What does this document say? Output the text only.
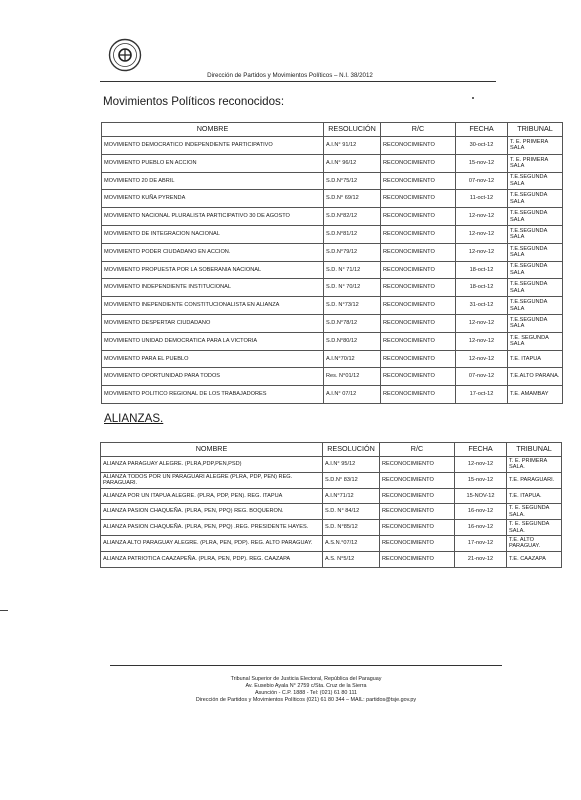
Dirección de Partidos y Movimientos Políticos – N.I. 38/2012
Movimientos Políticos reconocidos:
NOMBRE	RESOLUCIÓN	R/C	FECHA	TRIBUNAL
MOVIMIENTO DEMOCRATICO INDEPENDIENTE PARTICIPATIVO	A.I.N° 91/12	RECONOCIMIENTO	30-oct-12	T. E. PRIMERA SALA
MOVIMIENTO PUEBLO EN ACCION	A.I.N° 96/12	RECONOCIMIENTO	15-nov-12	T. E. PRIMERA SALA
MOVIMIENTO 20 DE ABRIL	S.D.N°75/12	RECONOCIMIENTO	07-nov-12	T.E.SEGUNDA SALA
MOVIMIENTO KUÑA PYRENDA	S.D.N° 69/12	RECONOCIMIENTO	11-oct-12	T.E.SEGUNDA SALA
MOVIMIENTO NACIONAL PLURALISTA PARTICIPATIVO 30 DE AGOSTO	S.D.N°82/12	RECONOCIMIENTO	12-nov-12	T.E.SEGUNDA SALA
MOVIMIENTO DE INTEGRACION NACIONAL	S.D.N°81/12	RECONOCIMIENTO	12-nov-12	T.E.SEGUNDA SALA
MOVIMIENTO PODER CIUDADANO EN ACCION.	S.D.N°79/12	RECONOCIMIENTO	12-nov-12	T.E.SEGUNDA SALA
MOVIMIENTO PROPUESTA POR LA SOBERANIA NACIONAL	S.D. N° 71/12	RECONOCIMIENTO	18-oct-12	T.E.SEGUNDA SALA
MOVIMIENTO INDEPENDIENTE INSTITUCIONAL	S.D. N° 70/12	RECONOCIMIENTO	18-oct-12	T.E.SEGUNDA SALA
MOVIMIENTO INEPENDIENTE CONSTITUCIONALISTA EN ALIANZA	S.D. N°73/12	RECONOCIMIENTO	31-oct-12	T.E.SEGUNDA SALA
MOVIMIENTO DESPERTAR CIUDADANO	S.D.N°78/12	RECONOCIMIENTO	12-nov-12	T.E.SEGUNDA SALA
MOVIMIENTO UNIDAD DEMOCRATICA PARA LA VICTORIA	S.D.N°80/12	RECONOCIMIENTO	12-nov-12	T.E. SEGUNDA SALA
MOVIMIENTO PARA EL PUEBLO	A.I.N°70/12	RECONOCIMIENTO	12-nov-12	T.E. ITAPUA
MOVIMIENTO OPORTUNIDAD PARA TODOS	Res. N°01/12	RECONOCIMIENTO	07-nov-12	T.E.ALTO PARANA.
MOVIMIENTO POLITICO REGIONAL DE LOS TRABAJADORES	A.I.N° 07/12	RECONOCIMIENTO	17-oct-12	T.E. AMAMBAY
ALIANZAS.
NOMBRE	RESOLUCIÓN	R/C	FECHA	TRIBUNAL
ALIANZA PARAGUAY ALEGRE. (PLRA,PDP,PEN,PSD)	A.I.N° 95/12	RECONOCIMIENTO	12-nov-12	T. E. PRIMERA SALA.
ALIANZA TODOS POR UN PARAGUARI ALEGRE (PLRA, PDP, PEN) REG. PARAGUARI.	S.D.N° 83/12	RECONOCIMIENTO	15-nov-12	T.E. PARAGUARI.
ALIANZA POR UN ITAPUA ALEGRE. (PLRA, PDP, PEN). REG. ITAPUA	A.I.N°71/12	RECONOCIMIENTO	15-NOV-12	T.E. ITAPUA.
ALIANZA PASION CHAQUEÑA. (PLRA, PEN, PPQ) REG. BOQUERON.	S.D. N° 84/12	RECONOCIMIENTO	16-nov-12	T. E. SEGUNDA SALA.
ALIANZA PASION CHAQUEÑA. (PLRA, PEN, PPQ) .REG. PRESIDENTE HAYES.	S.D. N°85/12	RECONOCIMIENTO	16-nov-12	T. E. SEGUNDA SALA.
ALIANZA ALTO PARAGUAY ALEGRE. (PLRA, PEN, PDP). REG. ALTO PARAGUAY.	A.S.N.°07/12	RECONOCIMIENTO	17-nov-12	T.E. ALTO PARAGUAY.
ALIANZA PATRIOTICA CAAZAPEÑA. (PLRA, PEN, PDP). REG. CAAZAPA	A.S. N°5/12	RECONOCIMIENTO	21-nov-12	T.E. CAAZAPA
Tribunal Superior de Justicia Electoral, República del Paraguay
Av. Eusebio Ayala N° 2759 c/Sta. Cruz de la Sierra
Asunción - C.P. 1888 - Tel: (021) 61 80 111
Dirección de Partidos y Movimientos Políticos (021) 61 80 344 – MAIL: partidos@tsje.gov.py
